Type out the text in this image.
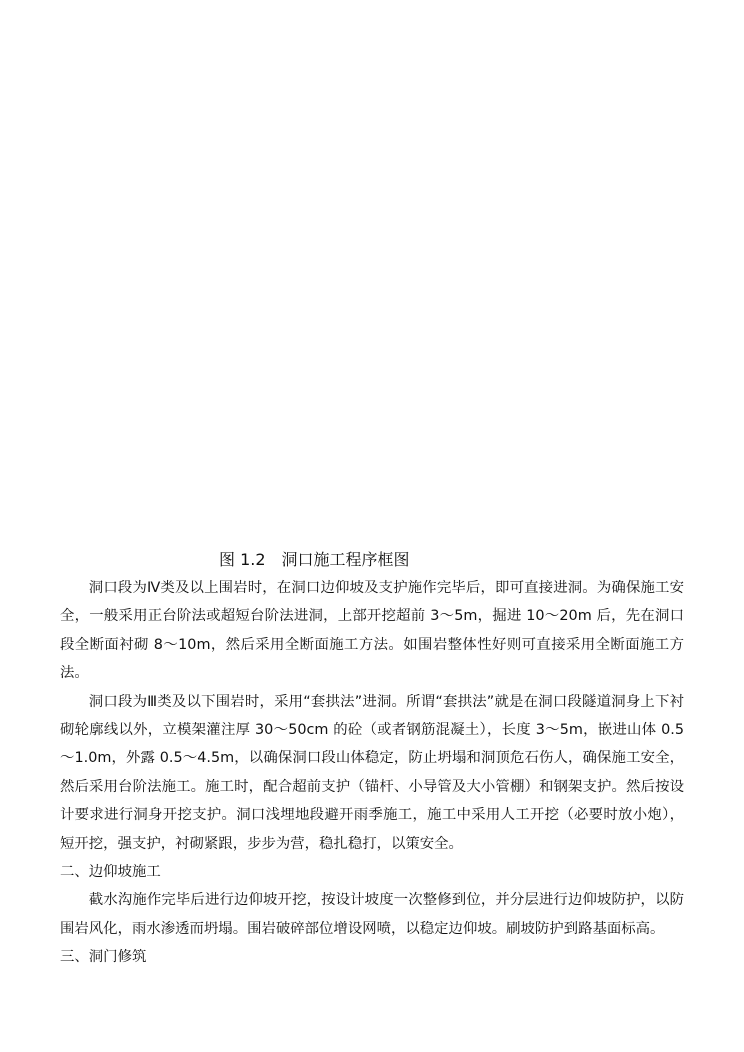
图 1.2　洞口施工程序框图

洞口段为Ⅳ类及以上围岩时，在洞口边仰坡及支护施作完毕后，即可直接进洞。为确保施工安全，一般采用正台阶法或超短台阶法进洞，上部开挖超前 3～5m，掘进 10～20m 后，先在洞口段全断面衬砌 8～10m，然后采用全断面施工方法。如围岩整体性好则可直接采用全断面施工方法。

洞口段为Ⅲ类及以下围岩时，采用“套拱法”进洞。所谓“套拱法”就是在洞口段隧道洞身上下衬砌轮廓线以外，立模架灌注厚 30～50cm 的砼（或者钢筋混凝土），长度 3～5m，嵌进山体 0.5～1.0m，外露 0.5～4.5m，以确保洞口段山体稳定，防止坍塌和洞顶危石伤人，确保施工安全，然后采用台阶法施工。施工时，配合超前支护（锚杆、小导管及大小管棚）和钢架支护。然后按设计要求进行洞身开挖支护。洞口浅埋地段避开雨季施工，施工中采用人工开挖（必要时放小炮），短开挖，强支护，衬砌紧跟，步步为营，稳扎稳打，以策安全。

二、边仰坡施工

截水沟施作完毕后进行边仰坡开挖，按设计坡度一次整修到位，并分层进行边仰坡防护，以防围岩风化，雨水渗透而坍塌。围岩破碎部位增设网喷，以稳定边仰坡。刷坡防护到路基面标高。

三、洞门修筑
